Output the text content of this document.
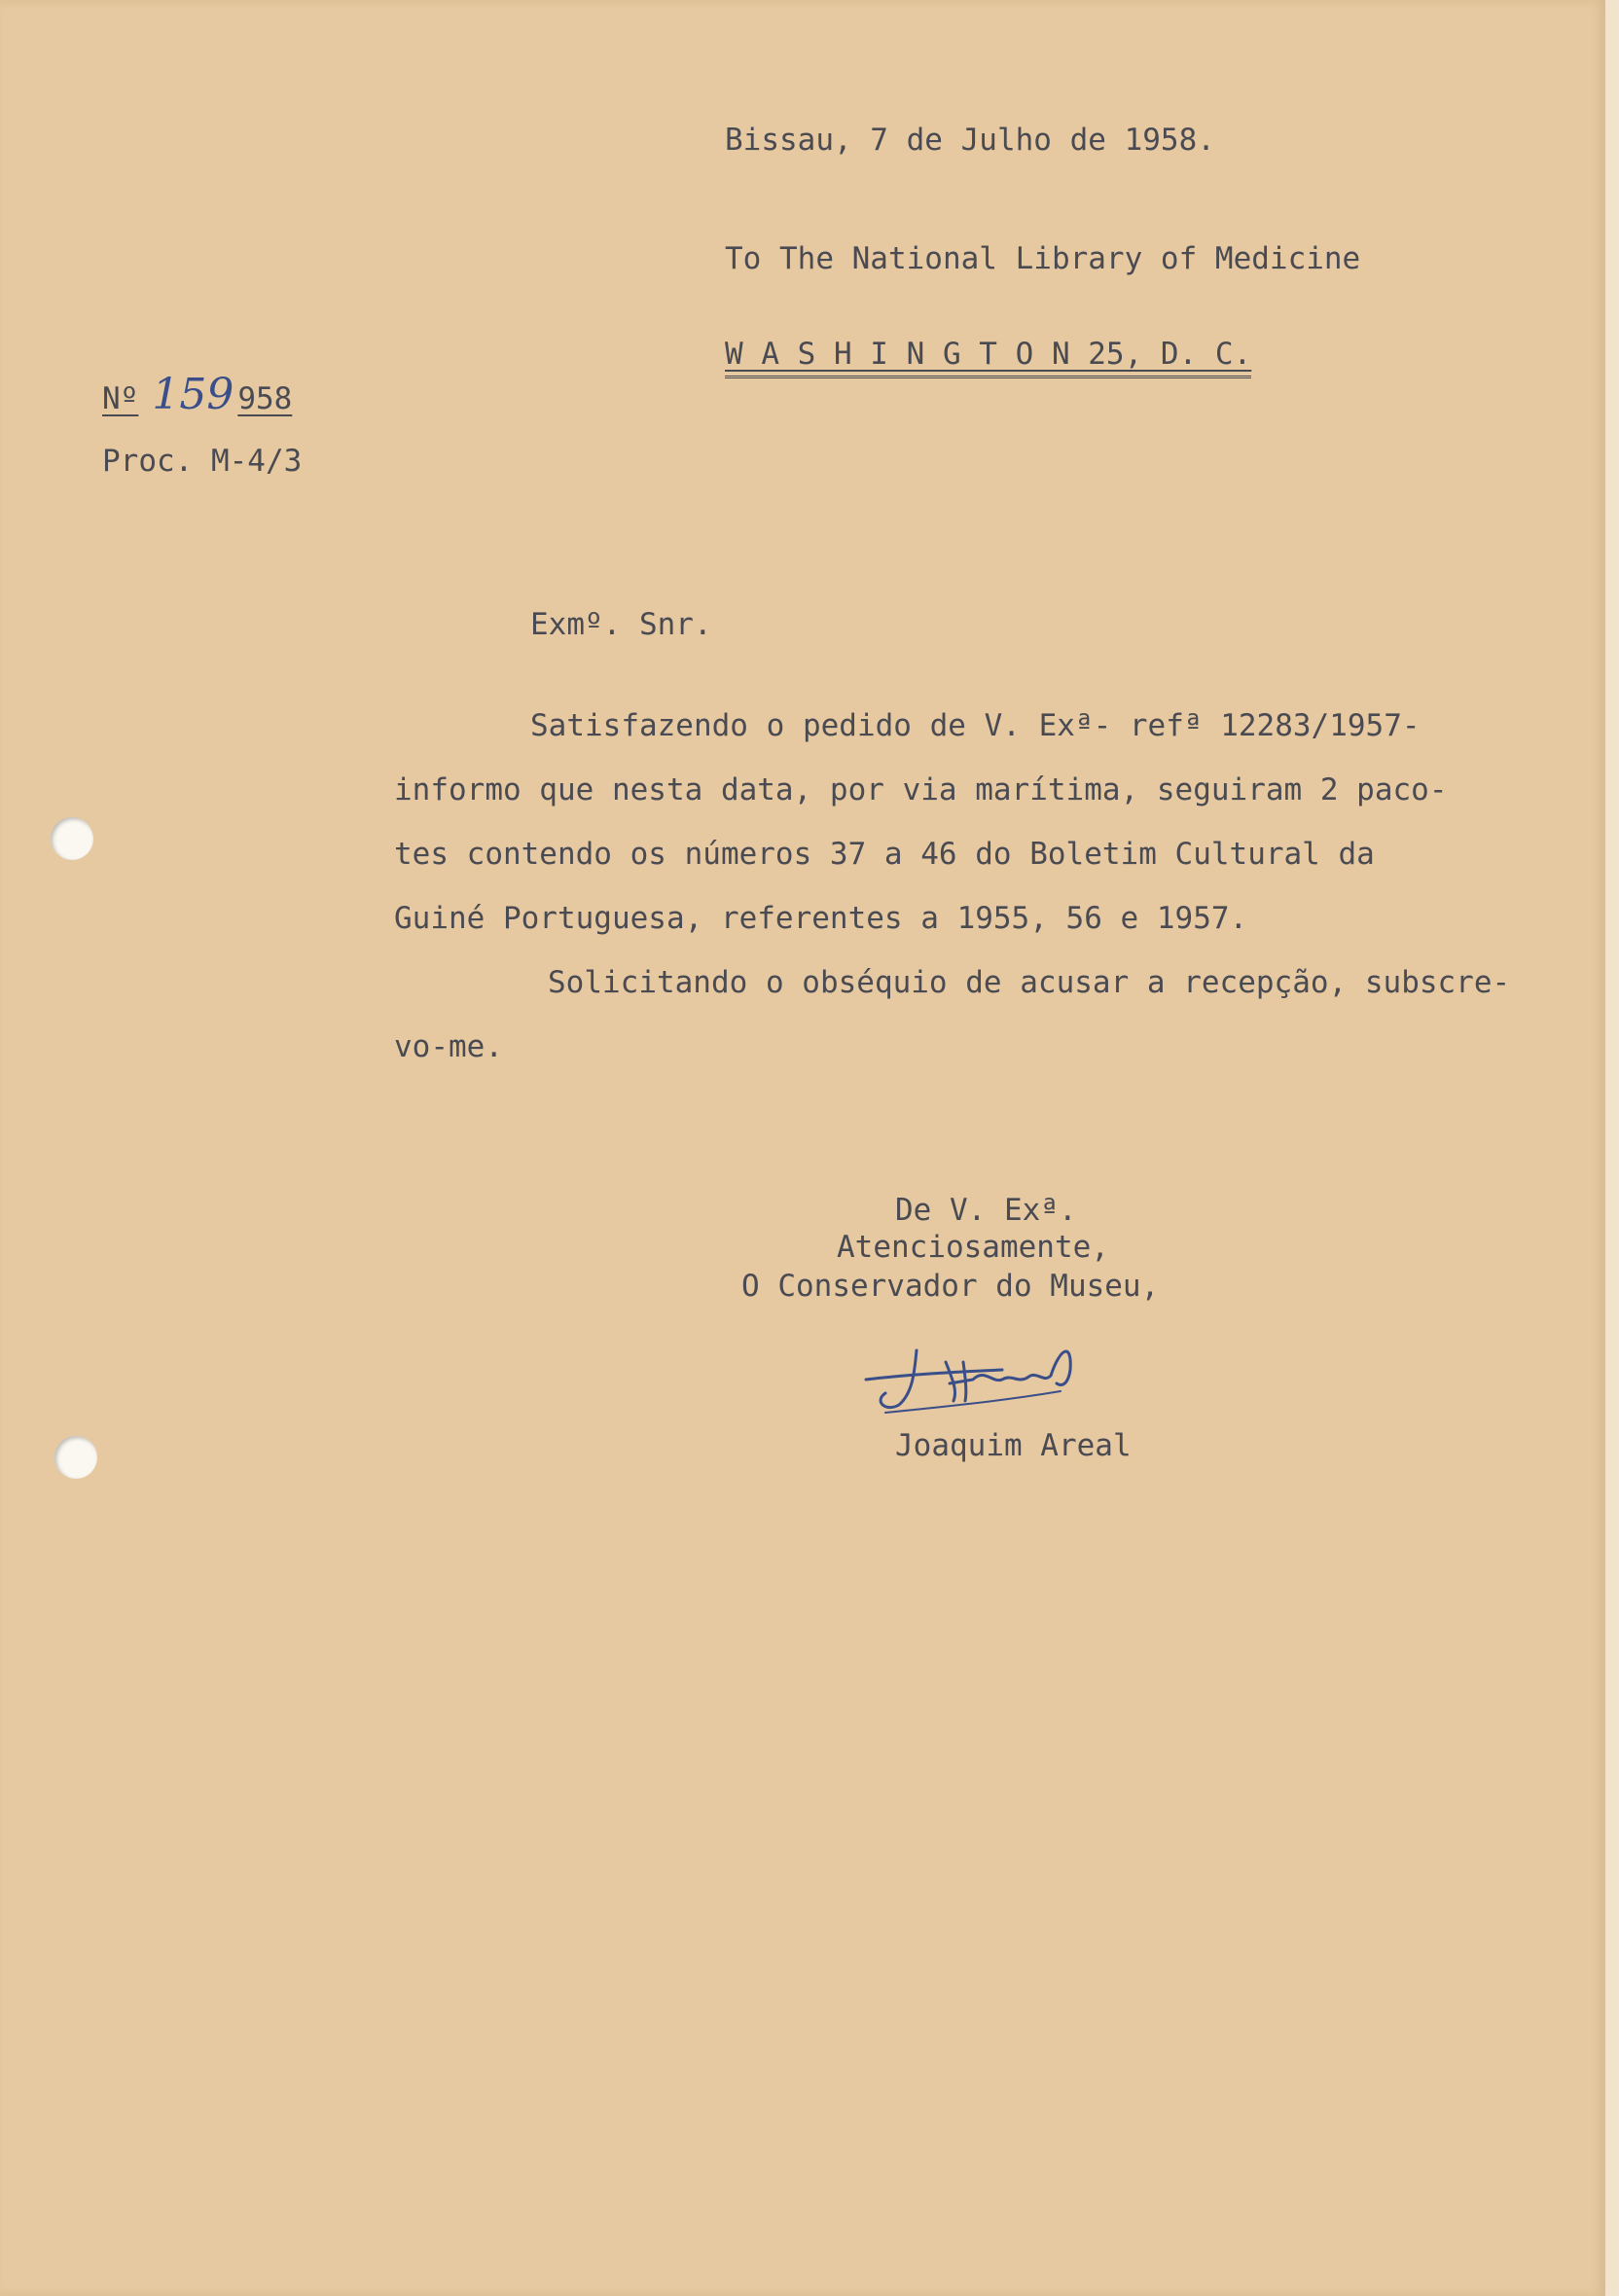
Bissau, 7 de Julho de 1958.

To The National Library of Medicine

W A S H I N G T O N 25, D. C.

Nº 159 958

Proc. M-4/3

Exmº. Snr.

Satisfazendo o pedido de V. Exª- refª 12283/1957-

informo que nesta data, por via marítima, seguiram 2 paco-

tes contendo os números 37 a 46 do Boletim Cultural da

Guiné Portuguesa, referentes a 1955, 56 e 1957.

Solicitando o obséquio de acusar a recepção, subscre-

vo-me.

De V. Exª.

Atenciosamente,

O Conservador do Museu,

Joaquim Areal
